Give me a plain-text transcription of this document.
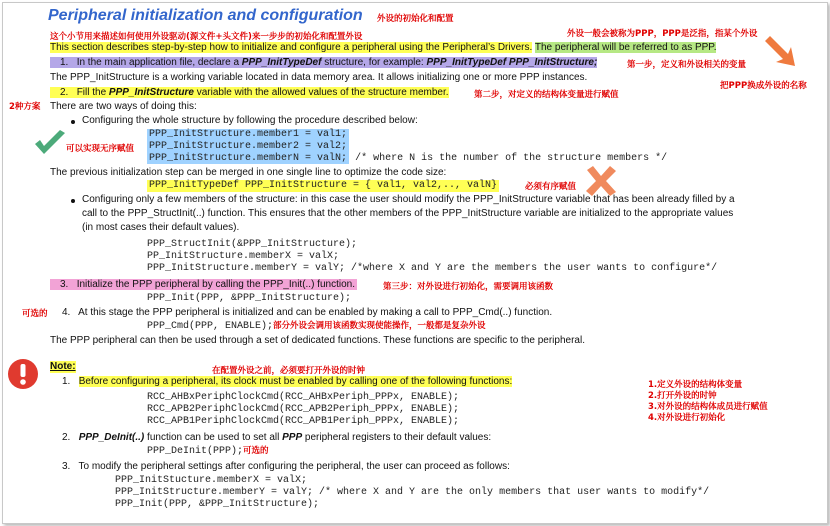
Peripheral initialization and configuration 外设的初始化和配置
这个小节用来描述如何使用外设驱动(源文件+头文件)来一步步的初始化和配置外设	外设一般会被称为PPP，PPP是泛指，指某个外设
This section describes step-by-step how to initialize and configure a peripheral using the Peripheral’s Drivers. The peripheral will be referred to as PPP.
1. In the main application file, declare a PPP_InitTypeDef structure, for example: PPP_InitTypeDef PPP_InitStructure;	第一步，定义和外设相关的变量
把PPP换成外设的名称
The PPP_InitStructure is a working variable located in data memory area. It allows initializing one or more PPP instances.
2. Fill the PPP_InitStructure variable with the allowed values of the structure member.	第二步，对定义的结构体变量进行赋值
2种方案 There are two ways of doing this:
Configuring the whole structure by following the procedure described below:
PPP_InitStructure.member1 = val1;
PPP_InitStructure.member2 = val2;
PPP_InitStructure.memberN = valN; /* where N is the number of the structure members */
可以实现无序赋值
The previous initialization step can be merged in one single line to optimize the code size:
PPP_InitTypeDef PPP_InitStructure = { val1, val2,.., valN}	必须有序赋值
Configuring only a few members of the structure: in this case the user should modify the PPP_InitStructure variable that has been already filled by a
call to the PPP_StructInit(..) function. This ensures that the other members of the PPP_InitStructure variable are initialized to the appropriate values
(in most cases their default values).
PPP_StructInit(&PPP_InitStructure);
PP_InitStructure.memberX = valX;
PPP_InitStructure.memberY = valY; /*where X and Y are the members the user wants to configure*/
3. Initialize the PPP peripheral by calling the PPP_Init(..) function.	第三步：对外设进行初始化，需要调用该函数
PPP_Init(PPP, &PPP_InitStructure);
可选的 4. At this stage the PPP peripheral is initialized and can be enabled by making a call to PPP_Cmd(..) function.
PPP_Cmd(PPP, ENABLE);部分外设会调用该函数实现使能操作，一般都是复杂外设
The PPP peripheral can then be used through a set of dedicated functions. These functions are specific to the peripheral.
在配置外设之前，必须要打开外设的时钟
Note:
1. Before configuring a peripheral, its clock must be enabled by calling one of the following functions:
RCC_AHBxPeriphClockCmd(RCC_AHBxPeriph_PPPx, ENABLE);
RCC_APB2PeriphClockCmd(RCC_APB2Periph_PPPx, ENABLE);
RCC_APB1PeriphClockCmd(RCC_APB1Periph_PPPx, ENABLE);
1.定义外设的结构体变量
2.打开外设的时钟
3.对外设的结构体成员进行赋值
4.对外设进行初始化
2. PPP_DeInit(..) function can be used to set all PPP peripheral registers to their default values:
PPP_DeInit(PPP);可选的
3. To modify the peripheral settings after configuring the peripheral, the user can proceed as follows:
PPP_InitStucture.memberX = valX;
PPP_InitStructure.memberY = valY; /* where X and Y are the only members that user wants to modify*/
PPP_Init(PPP, &PPP_InitStructure);
